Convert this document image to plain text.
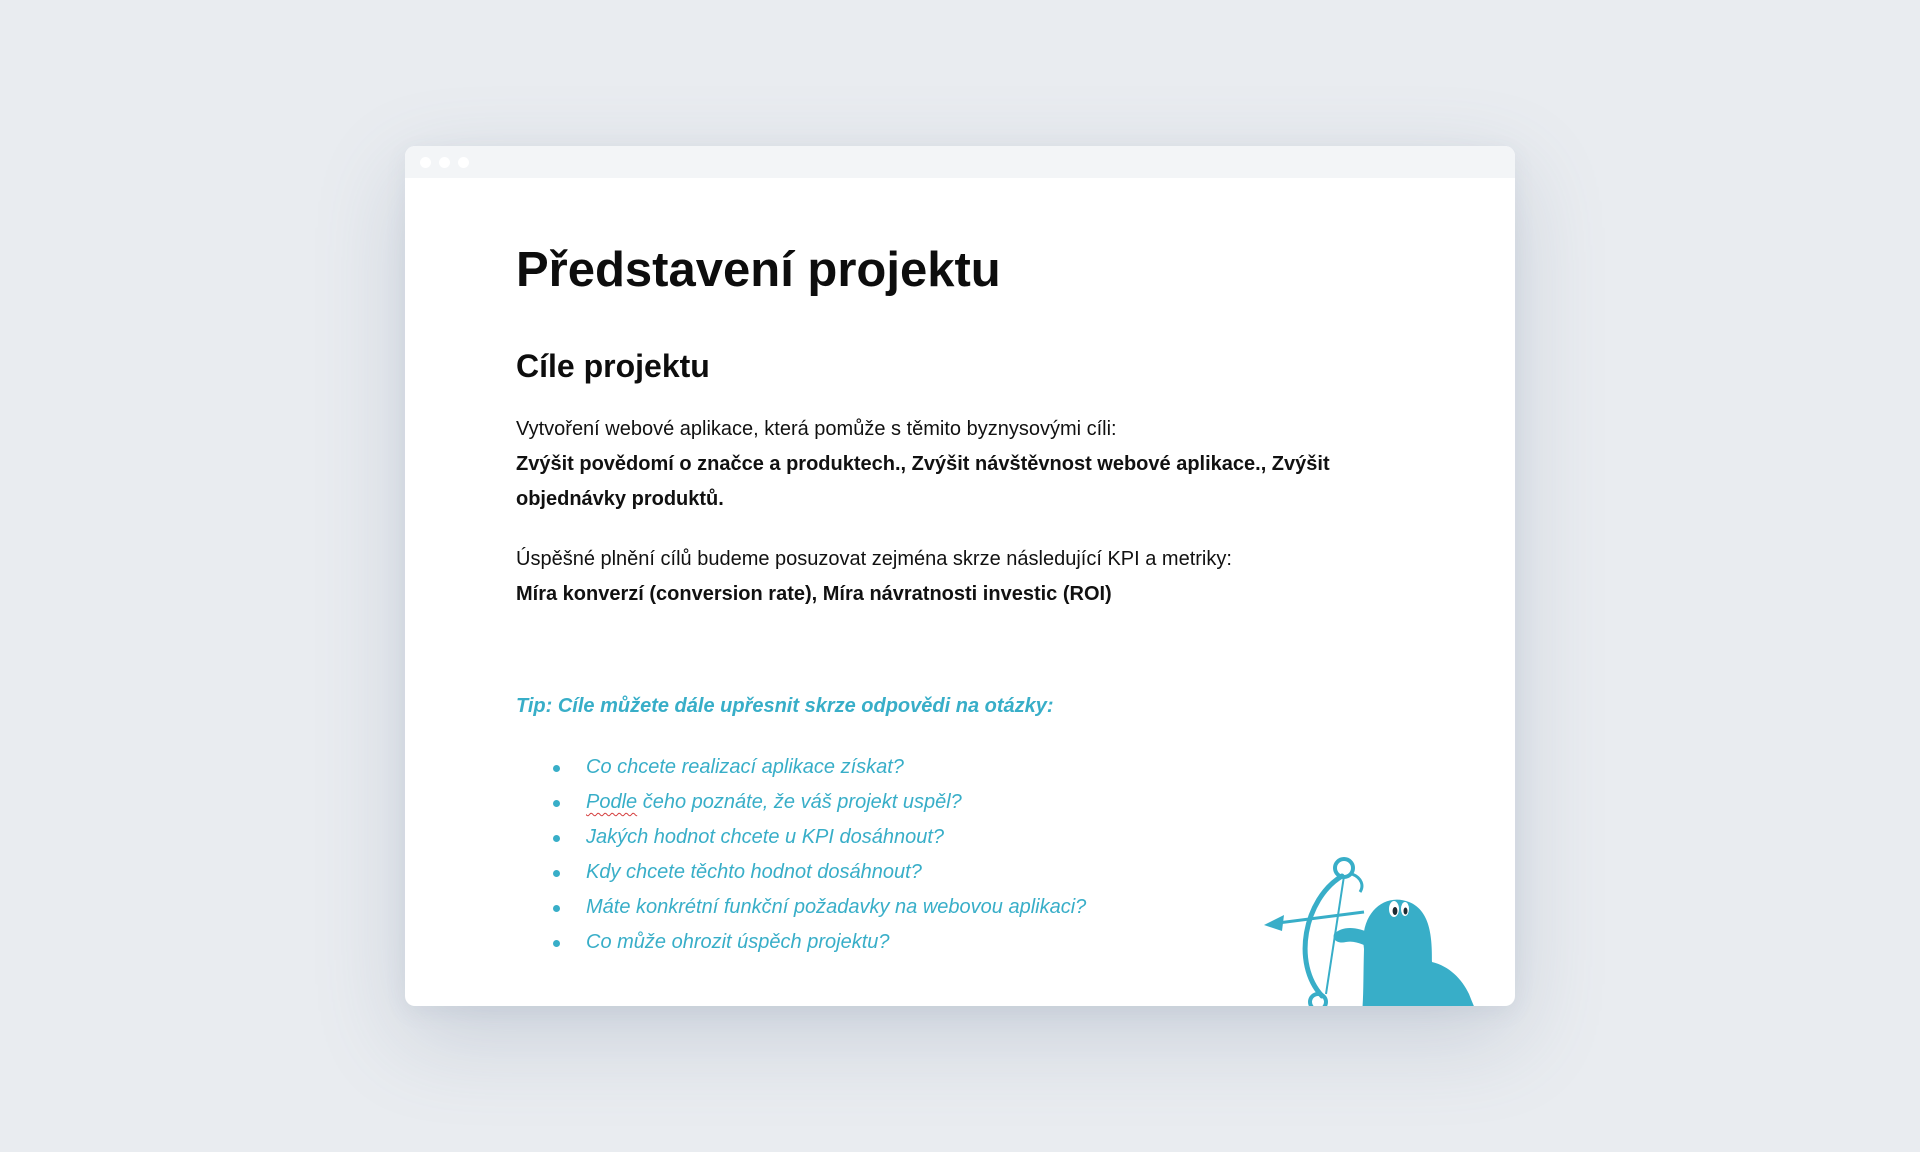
Představení projektu
Cíle projektu
Vytvoření webové aplikace, která pomůže s těmito byznysovými cíli:
Zvýšit povědomí o značce a produktech., Zvýšit návštěvnost webové aplikace., Zvýšit objednávky produktů.
Úspěšné plnění cílů budeme posuzovat zejména skrze následující KPI a metriky:
Míra konverzí (conversion rate), Míra návratnosti investic (ROI)

Tip: Cíle můžete dále upřesnit skrze odpovědi na otázky:

Co chcete realizací aplikace získat?
Podle čeho poznáte, že váš projekt uspěl?
Jakých hodnot chcete u KPI dosáhnout?
Kdy chcete těchto hodnot dosáhnout?
Máte konkrétní funkční požadavky na webovou aplikaci?
Co může ohrozit úspěch projektu?
